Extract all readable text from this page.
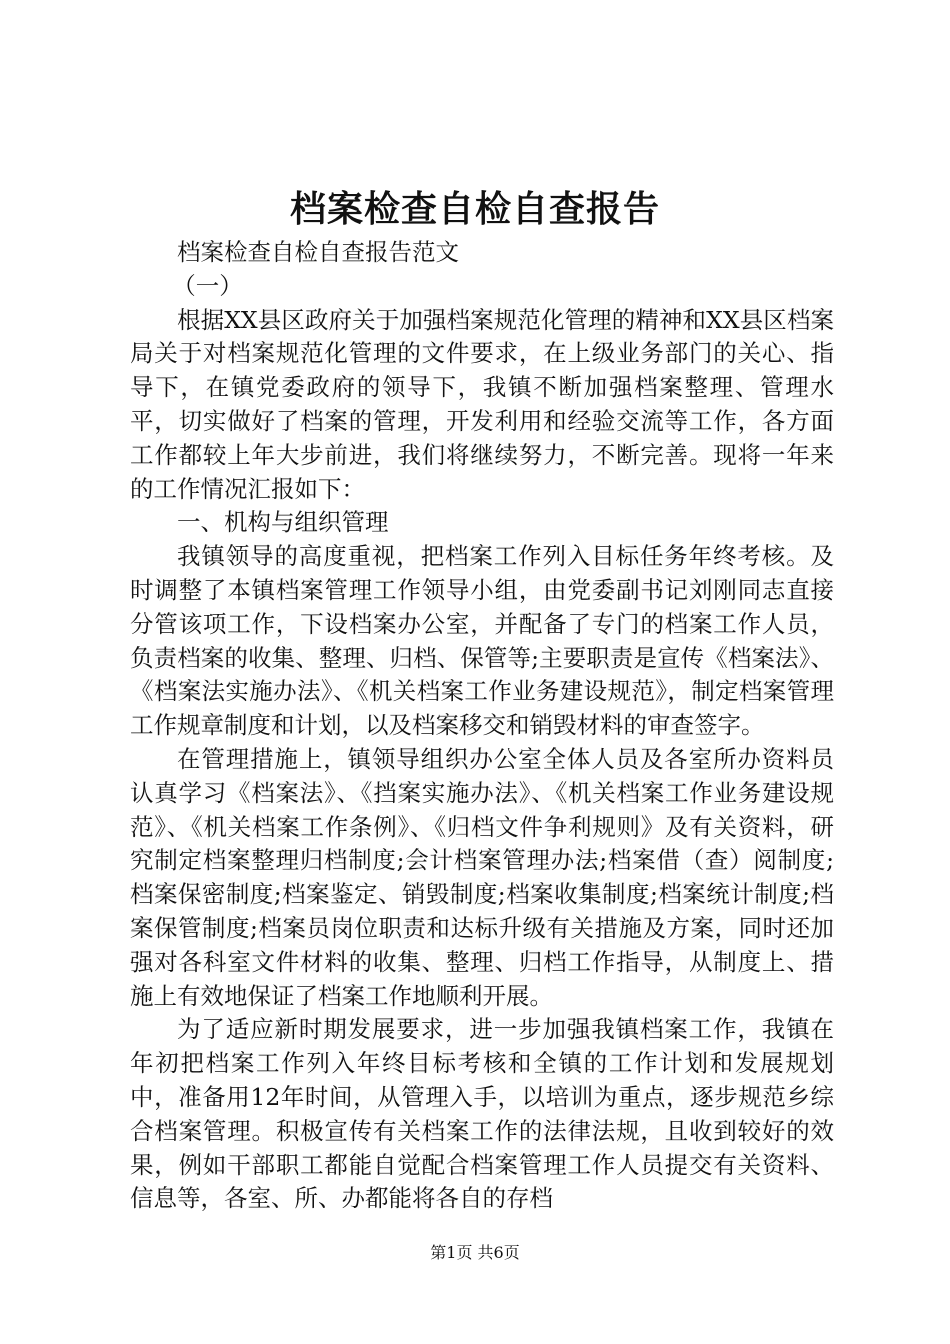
档案检查自检自查报告

档案检查自检自查报告范文

（一）

根据XX县区政府关于加强档案规范化管理的精神和XX县区档案局关于对档案规范化管理的文件要求，在上级业务部门的关心、指导下，在镇党委政府的领导下，我镇不断加强档案整理、管理水平，切实做好了档案的管理，开发利用和经验交流等工作，各方面工作都较上年大步前进，我们将继续努力，不断完善。现将一年来的工作情况汇报如下：

一、机构与组织管理

我镇领导的高度重视，把档案工作列入目标任务年终考核。及时调整了本镇档案管理工作领导小组，由党委副书记刘刚同志直接分管该项工作，下设档案办公室，并配备了专门的档案工作人员，负责档案的收集、整理、归档、保管等;主要职责是宣传《档案法》、《档案法实施办法》、《机关档案工作业务建设规范》，制定档案管理工作规章制度和计划，以及档案移交和销毁材料的审查签字。

在管理措施上，镇领导组织办公室全体人员及各室所办资料员认真学习《档案法》、《挡案实施办法》、《机关档案工作业务建设规范》、《机关档案工作条例》、《归档文件争利规则》及有关资料，研究制定档案整理归档制度;会计档案管理办法;档案借（查）阅制度;档案保密制度;档案鉴定、销毁制度;档案收集制度;档案统计制度;档案保管制度;档案员岗位职责和达标升级有关措施及方案，同时还加强对各科室文件材料的收集、整理、归档工作指导，从制度上、措施上有效地保证了档案工作地顺利开展。

为了适应新时期发展要求，进一步加强我镇档案工作，我镇在年初把档案工作列入年终目标考核和全镇的工作计划和发展规划中，准备用12年时间，从管理入手，以培训为重点，逐步规范乡综合档案管理。积极宣传有关档案工作的法律法规，且收到较好的效果，例如干部职工都能自觉配合档案管理工作人员提交有关资料、信息等，各室、所、办都能将各自的存档

第1页 共6页
